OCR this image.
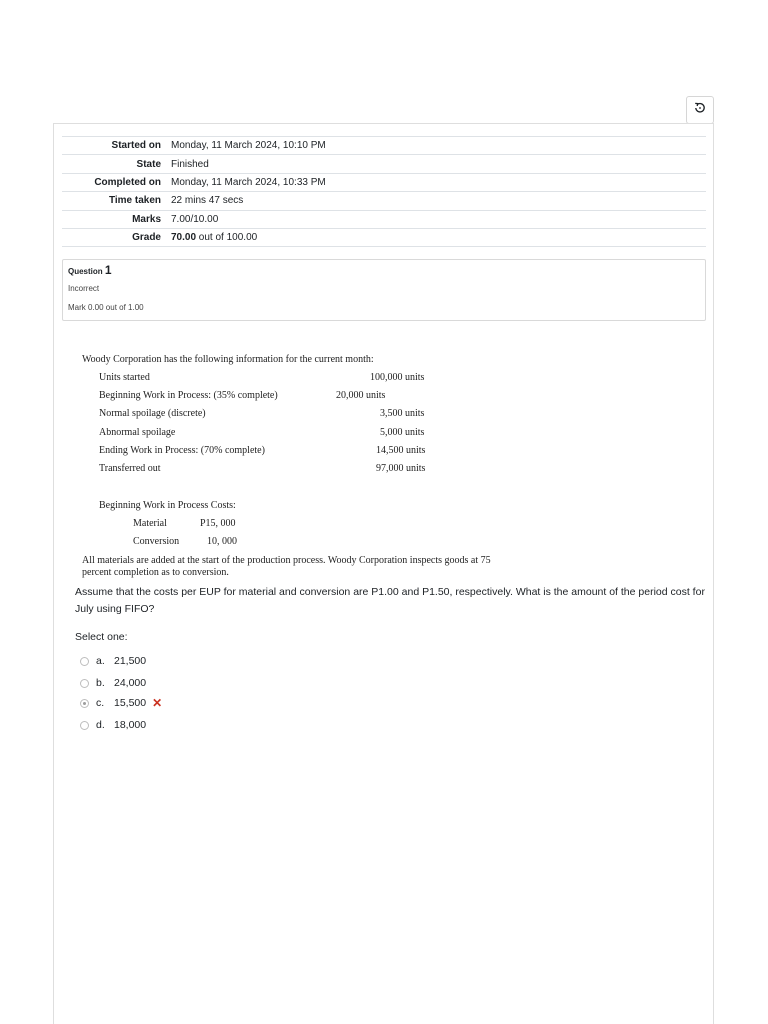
Started on	Monday, 11 March 2024, 10:10 PM
State	Finished
Completed on	Monday, 11 March 2024, 10:33 PM
Time taken	22 mins 47 secs
Marks	7.00/10.00
Grade	70.00 out of 100.00
Question 1
Incorrect
Mark 0.00 out of 1.00
Woody Corporation has the following information for the current month:
Units started	100,000 units
Beginning Work in Process: (35% complete)	20,000 units
Normal spoilage (discrete)	3,500 units
Abnormal spoilage	5,000 units
Ending Work in Process: (70% complete)	14,500 units
Transferred out	97,000 units
Beginning Work in Process Costs:
Material	P15, 000
Conversion	10, 000
All materials are added at the start of the production process. Woody Corporation inspects goods at 75
percent completion as to conversion.
Assume that the costs per EUP for material and conversion are P1.00 and P1.50, respectively. What is the amount of the period cost for July using FIFO?
Select one:
a. 21,500
b. 24,000
c. 15,500 ✕
d. 18,000
